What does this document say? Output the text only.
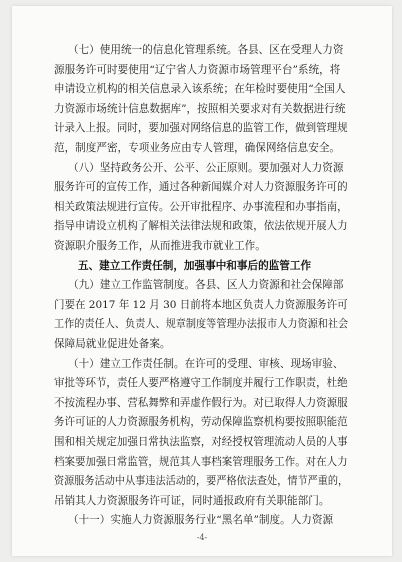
（七）使用统一的信息化管理系统。各县、区在受理人力资
源服务许可时要使用“辽宁省人力资源市场管理平台”系统，将
申请设立机构的相关信息录入该系统；在年检时要使用“全国人
力资源市场统计信息数据库”，按照相关要求对有关数据进行统
计录入上报。同时，要加强对网络信息的监管工作，做到管理规
范，制度严密，专项业务应由专人管理，确保网络信息安全。
（八）坚持政务公开、公平、公正原则。要加强对人力资源
服务许可的宣传工作，通过各种新闻媒介对人力资源服务许可的
相关政策法规进行宣传。公开审批程序、办事流程和办事指南，
指导申请设立机构了解相关法律法规和政策，依法依规开展人力
资源职介服务工作，从而推进我市就业工作。
五、建立工作责任制，加强事中和事后的监管工作
（九）建立工作监管制度。各县、区人力资源和社会保障部
门要在 2017 年 12 月 30 日前将本地区负责人力资源服务许可
工作的责任人、负责人、规章制度等管理办法报市人力资源和社会
保障局就业促进处备案。
（十）建立工作责任制。在许可的受理、审核、现场审验、
审批等环节，责任人要严格遵守工作制度并履行工作职责，杜绝
不按流程办事、营私舞弊和弄虚作假行为。对已取得人力资源服
务许可证的人力资源服务机构，劳动保障监察机构要按照职能范
围和相关规定加强日常执法监察，对经授权管理流动人员的人事
档案要加强日常监管，规范其人事档案管理服务工作。对在人力
资源服务活动中从事违法活动的，要严格依法查处，情节严重的，
吊销其人力资源服务许可证，同时通报政府有关职能部门。
（十一）实施人力资源服务行业“黑名单”制度。人力资源
-4-
